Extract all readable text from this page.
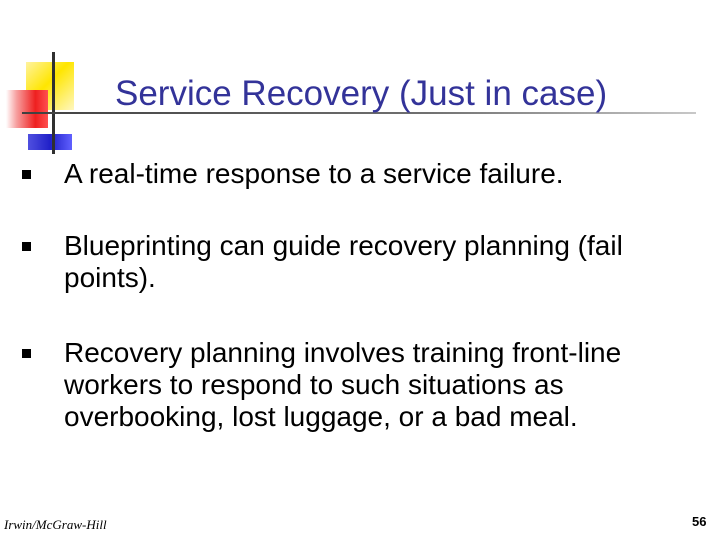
Service Recovery (Just in case)
A real-time response to a service failure.
Blueprinting can guide recovery planning (fail points).
Recovery planning involves training front-line workers to respond to such situations as overbooking, lost luggage, or a bad meal.
Irwin/McGraw-Hill	56
